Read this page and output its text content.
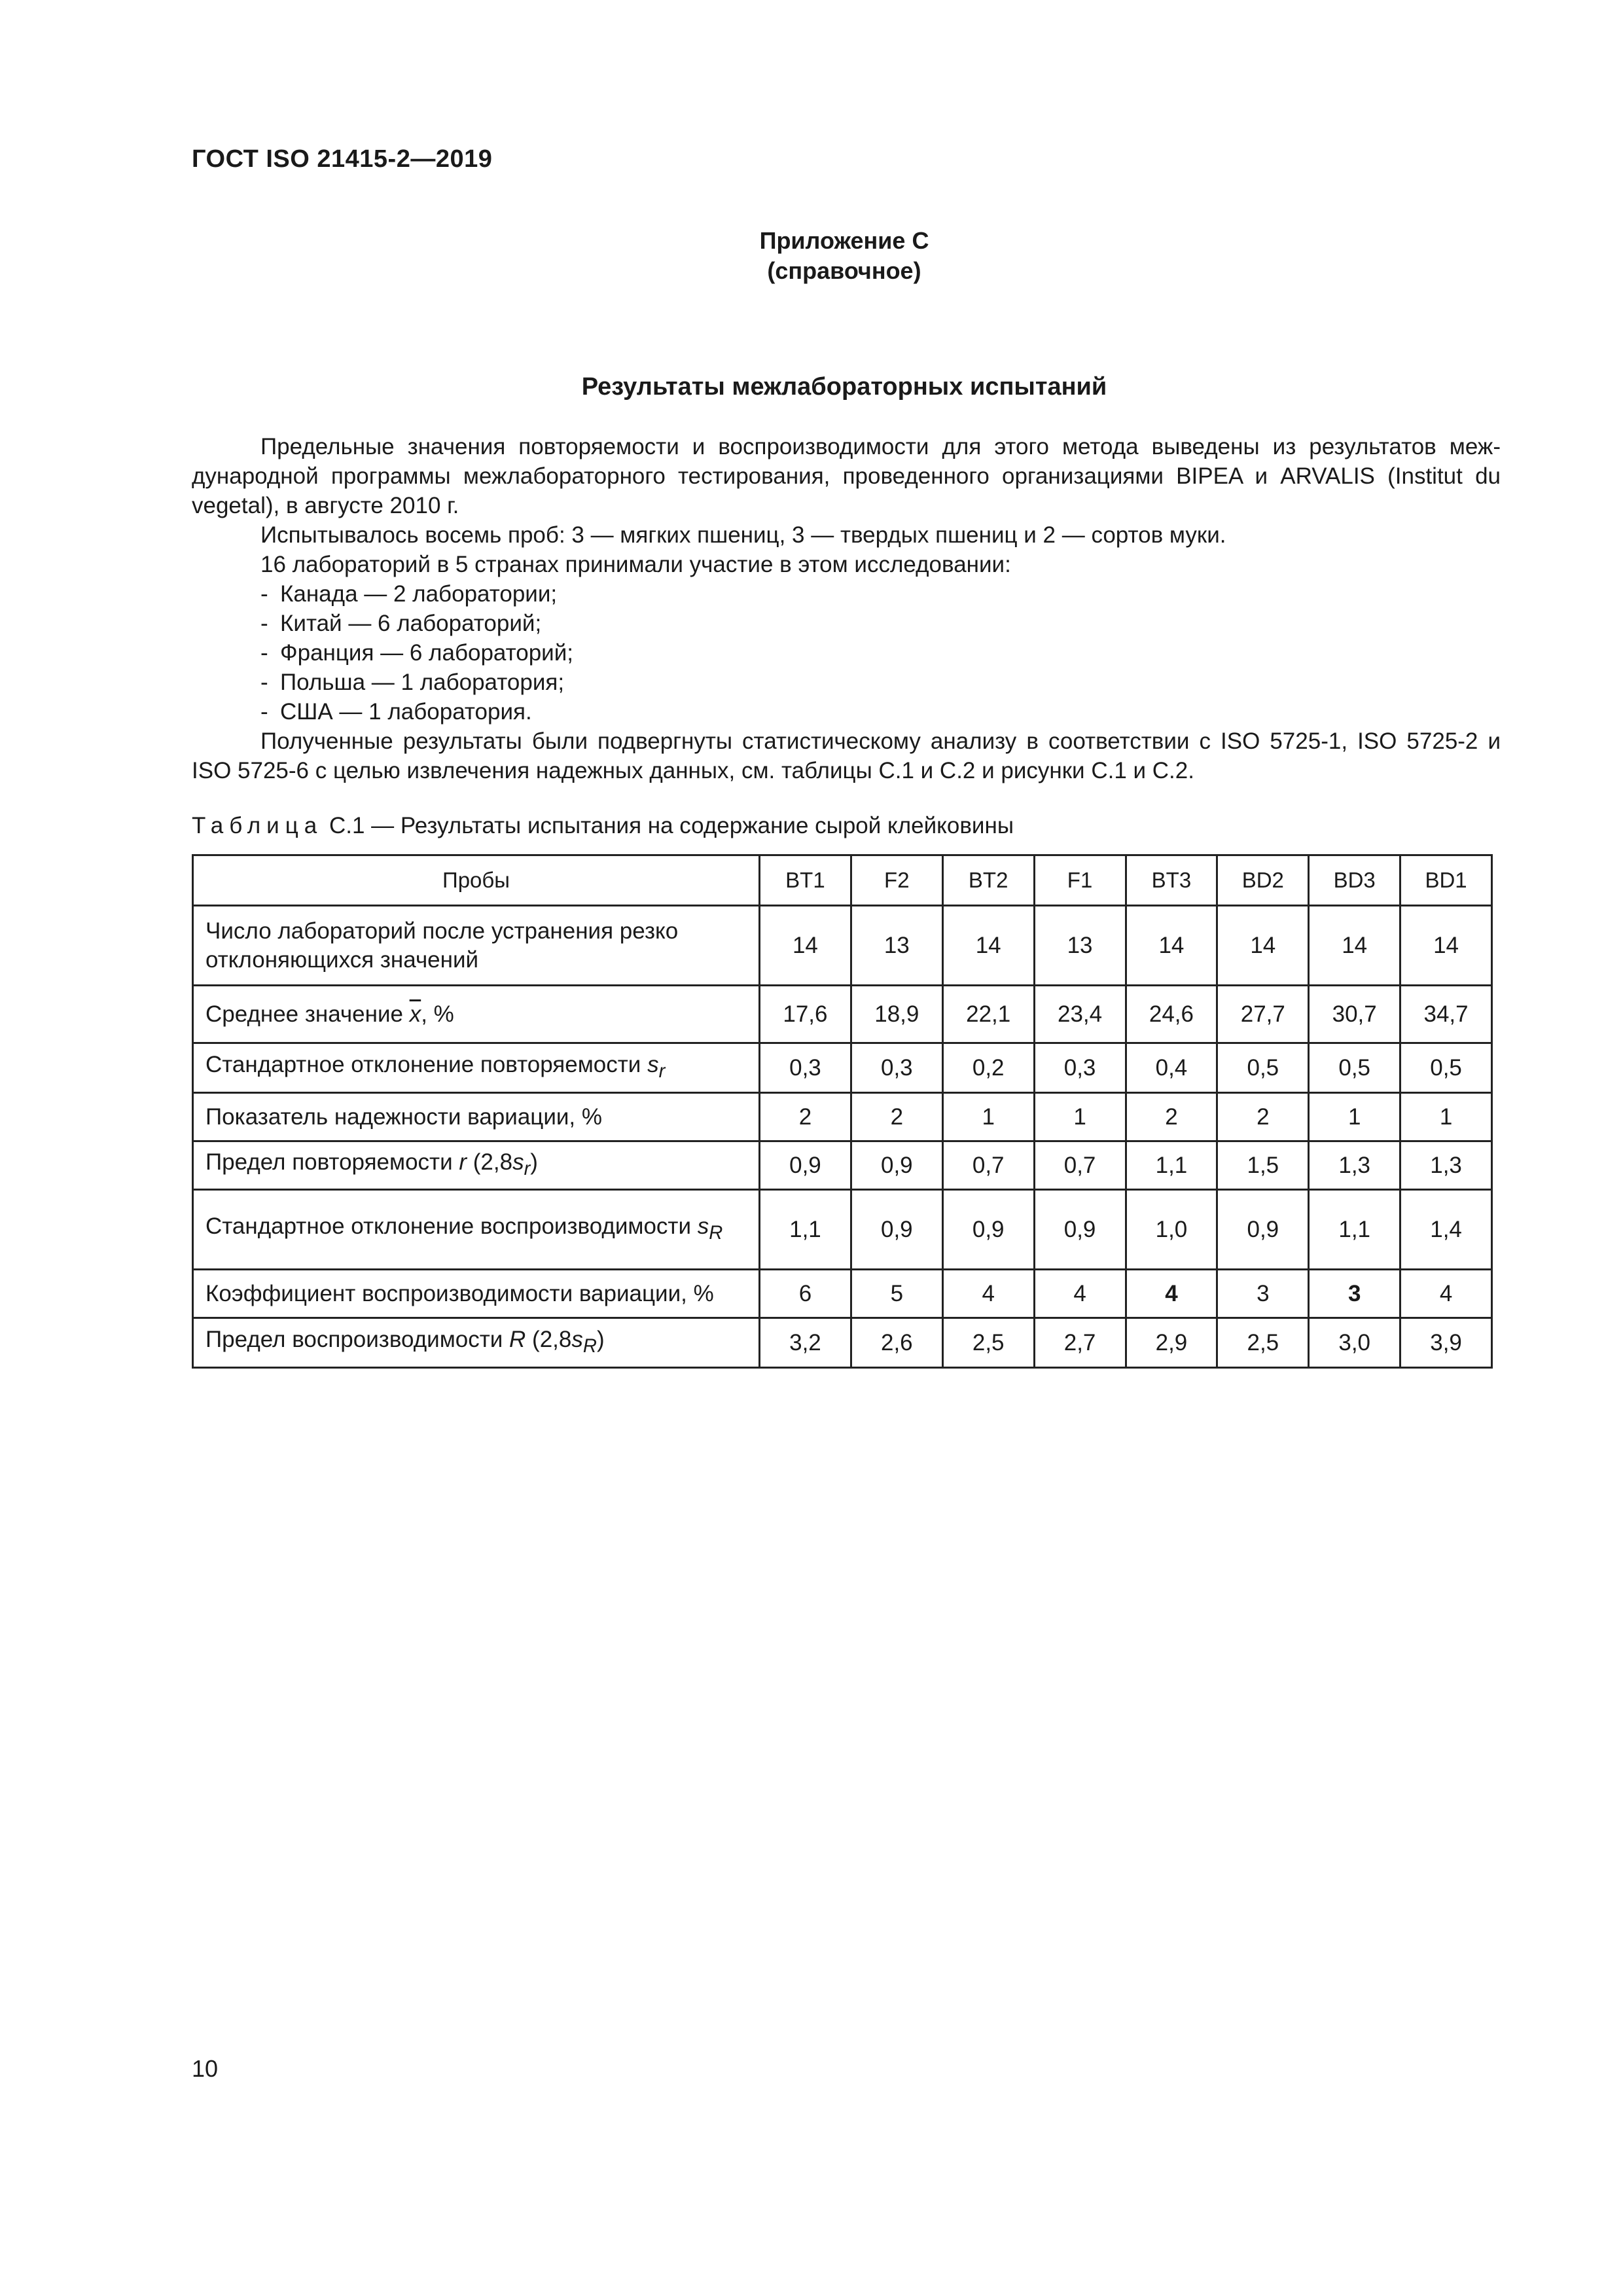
ГОСТ ISO 21415-2—2019
Приложение С
(справочное)
Результаты межлабораторных испытаний

Предельные значения повторяемости и воспроизводимости для этого метода выведены из результатов меж-дународной программы межлабораторного тестирования, проведенного организациями BIPEA и ARVALIS (Institut du vegetal), в августе 2010 г.

Испытывалось восемь проб: 3 — мягких пшениц, 3 — твердых пшениц и 2 — сортов муки.

16 лабораторий в 5 странах принимали участие в этом исследовании:

- Канада — 2 лаборатории;

- Китай — 6 лабораторий;

- Франция — 6 лабораторий;

- Польша — 1 лаборатория;

- США — 1 лаборатория.

Полученные результаты были подвергнуты статистическому анализу в соответствии с ISO 5725-1, ISO 5725-2 и ISO 5725-6 с целью извлечения надежных данных, см. таблицы С.1 и С.2 и рисунки С.1 и С.2.

Таблица С.1 — Результаты испытания на содержание сырой клейковины
Пробы	BT1	F2	BT2	F1	BT3	BD2	BD3	BD1
Число лабораторий после устранения резко отклоняющихся значений	14	13	14	13	14	14	14	14
Среднее значение $\overline{x}$, %	17,6	18,9	22,1	23,4	24,6	27,7	30,7	34,7
Стандартное отклонение повторяемости $s_r$	0,3	0,3	0,2	0,3	0,4	0,5	0,5	0,5
Показатель надежности вариации, %	2	2	1	1	2	2	1	1
Предел повторяемости r $(2,8s_r)$	0,9	0,9	0,7	0,7	1,1	1,5	1,3	1,3
Стандартное отклонение воспроизводимости $s_R$	1,1	0,9	0,9	0,9	1,0	0,9	1,1	1,4
Коэффициент воспроизводимости вариации, %	6	5	4	4	4	3	3	4
Предел воспроизводимости R $(2,8s_R)$	3,2	2,6	2,5	2,7	2,9	2,5	3,0	3,9
10
